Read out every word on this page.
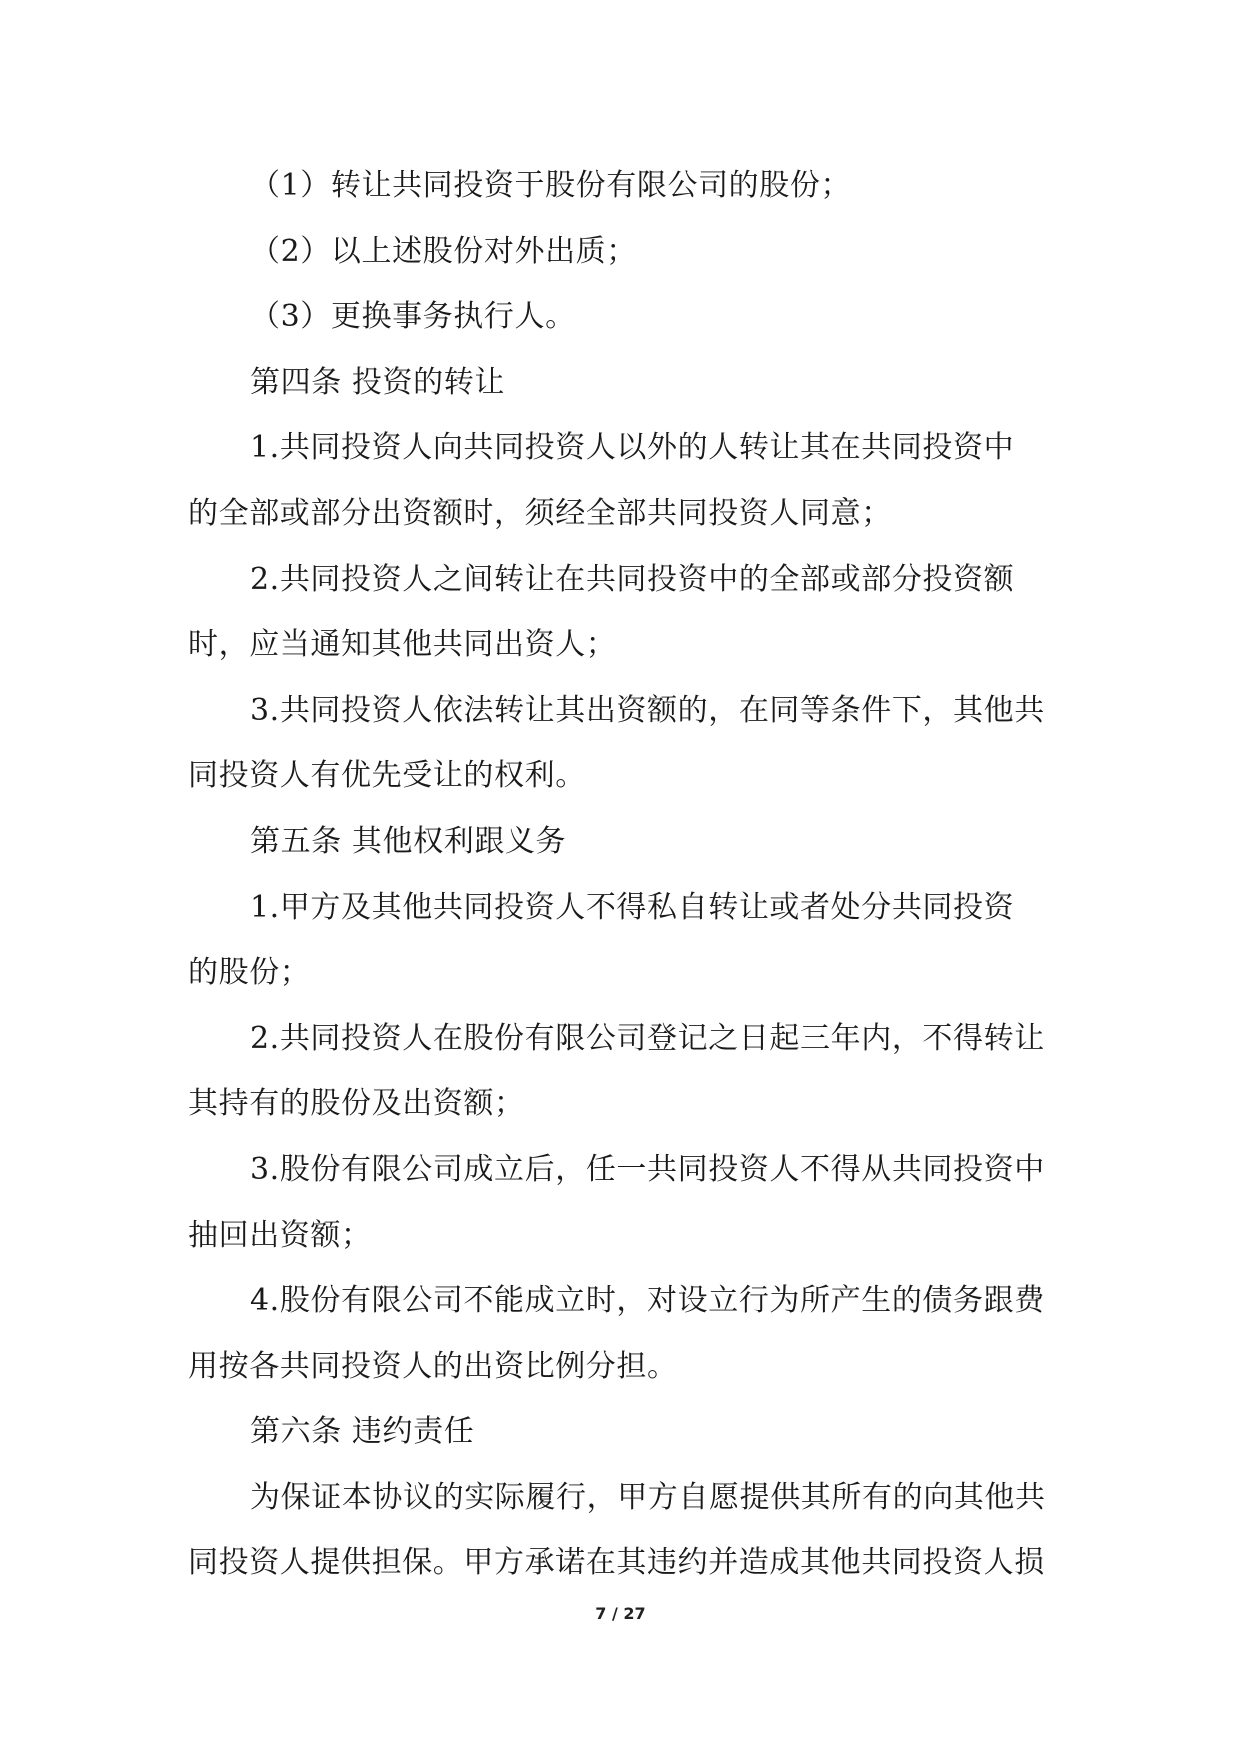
（1）转让共同投资于股份有限公司的股份；
（2）以上述股份对外出质；
（3）更换事务执行人。
第四条 投资的转让
1.共同投资人向共同投资人以外的人转让其在共同投资中
的全部或部分出资额时，须经全部共同投资人同意；
2.共同投资人之间转让在共同投资中的全部或部分投资额
时，应当通知其他共同出资人；
3.共同投资人依法转让其出资额的，在同等条件下，其他共
同投资人有优先受让的权利。
第五条 其他权利跟义务
1.甲方及其他共同投资人不得私自转让或者处分共同投资
的股份；
2.共同投资人在股份有限公司登记之日起三年内，不得转让
其持有的股份及出资额；
3.股份有限公司成立后，任一共同投资人不得从共同投资中
抽回出资额；
4.股份有限公司不能成立时，对设立行为所产生的债务跟费
用按各共同投资人的出资比例分担。
第六条 违约责任
为保证本协议的实际履行，甲方自愿提供其所有的向其他共
同投资人提供担保。甲方承诺在其违约并造成其他共同投资人损
7 / 27
